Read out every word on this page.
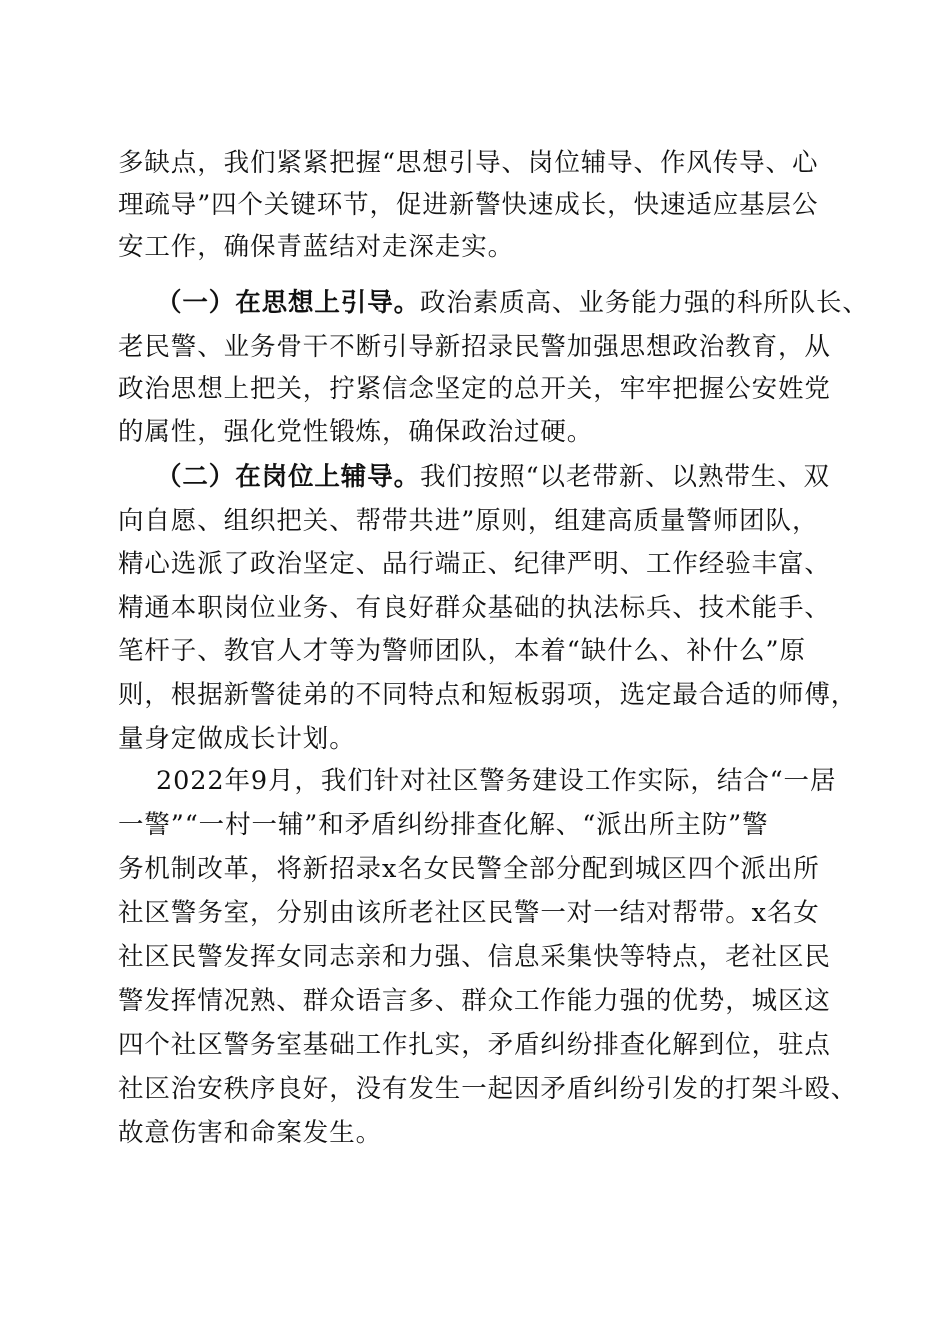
多缺点，我们紧紧把握“思想引导、岗位辅导、作风传导、心
理疏导”四个关键环节，促进新警快速成长，快速适应基层公
安工作，确保青蓝结对走深走实。
（一）在思想上引导。政治素质高、业务能力强的科所队长、
老民警、业务骨干不断引导新招录民警加强思想政治教育，从
政治思想上把关，拧紧信念坚定的总开关，牢牢把握公安姓党
的属性，强化党性锻炼，确保政治过硬。
（二）在岗位上辅导。我们按照“以老带新、以熟带生、双
向自愿、组织把关、帮带共进”原则，组建高质量警师团队，
精心选派了政治坚定、品行端正、纪律严明、工作经验丰富、
精通本职岗位业务、有良好群众基础的执法标兵、技术能手、
笔杆子、教官人才等为警师团队，本着“缺什么、补什么”原
则，根据新警徒弟的不同特点和短板弱项，选定最合适的师傅，
量身定做成长计划。
2022年9月，我们针对社区警务建设工作实际，结合“一居
一警”“一村一辅”和矛盾纠纷排查化解、“派出所主防”警
务机制改革，将新招录x名女民警全部分配到城区四个派出所
社区警务室，分别由该所老社区民警一对一结对帮带。x名女
社区民警发挥女同志亲和力强、信息采集快等特点，老社区民
警发挥情况熟、群众语言多、群众工作能力强的优势，城区这
四个社区警务室基础工作扎实，矛盾纠纷排查化解到位，驻点
社区治安秩序良好，没有发生一起因矛盾纠纷引发的打架斗殴、
故意伤害和命案发生。
